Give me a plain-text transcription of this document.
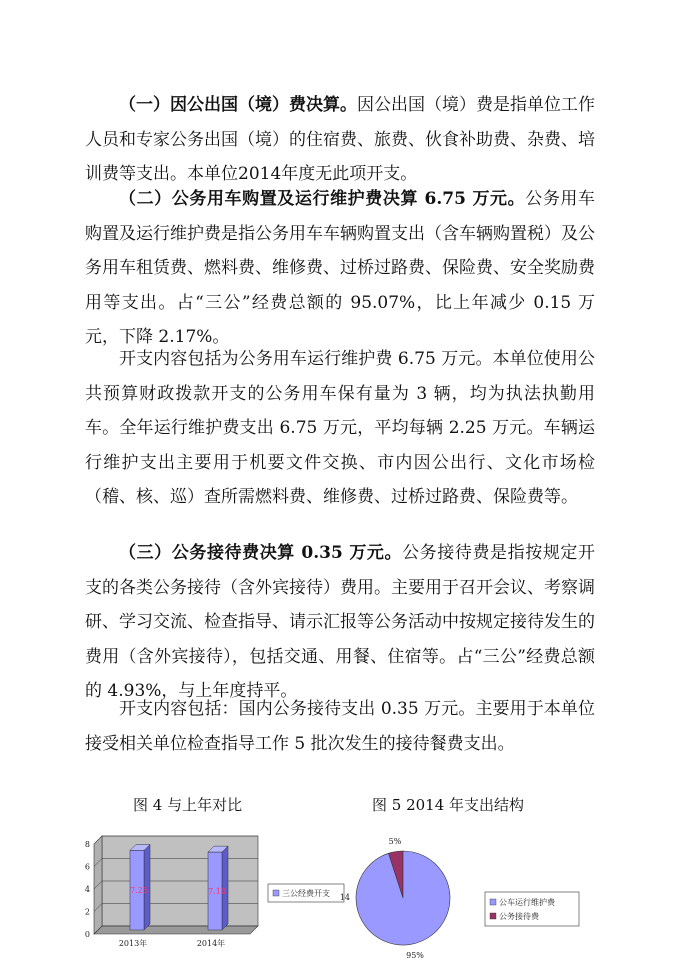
（一）因公出国（境）费决算。因公出国（境）费是指单位工作人员和专家公务出国（境）的住宿费、旅费、伙食补助费、杂费、培训费等支出。本单位2014年度无此项开支。

（二）公务用车购置及运行维护费决算 6.75 万元。公务用车购置及运行维护费是指公务用车车辆购置支出（含车辆购置税）及公务用车租赁费、燃料费、维修费、过桥过路费、保险费、安全奖励费用等支出。占“三公”经费总额的 95.07%，比上年减少 0.15 万元，下降 2.17%。

开支内容包括为公务用车运行维护费 6.75 万元。本单位使用公共预算财政拨款开支的公务用车保有量为 3 辆，均为执法执勤用车。全年运行维护费支出 6.75 万元，平均每辆 2.25 万元。车辆运行维护支出主要用于机要文件交换、市内因公出行、文化市场检（稽、核、巡）查所需燃料费、维修费、过桥过路费、保险费等。

（三）公务接待费决算 0.35 万元。公务接待费是指按规定开支的各类公务接待（含外宾接待）费用。主要用于召开会议、考察调研、学习交流、检查指导、请示汇报等公务活动中按规定接待发生的费用（含外宾接待），包括交通、用餐、住宿等。占“三公”经费总额的 4.93%，与上年度持平。

开支内容包括：国内公务接待支出 0.35 万元。主要用于本单位接受相关单位检查指导工作 5 批次发生的接待餐费支出。

图 4 与上年对比	图 5 2014 年支出结构
0
2
4
6
8
7.25
2013年
7.10
2014年
三公经费开支
5%
95%
14
公车运行维护费
公务接待费
